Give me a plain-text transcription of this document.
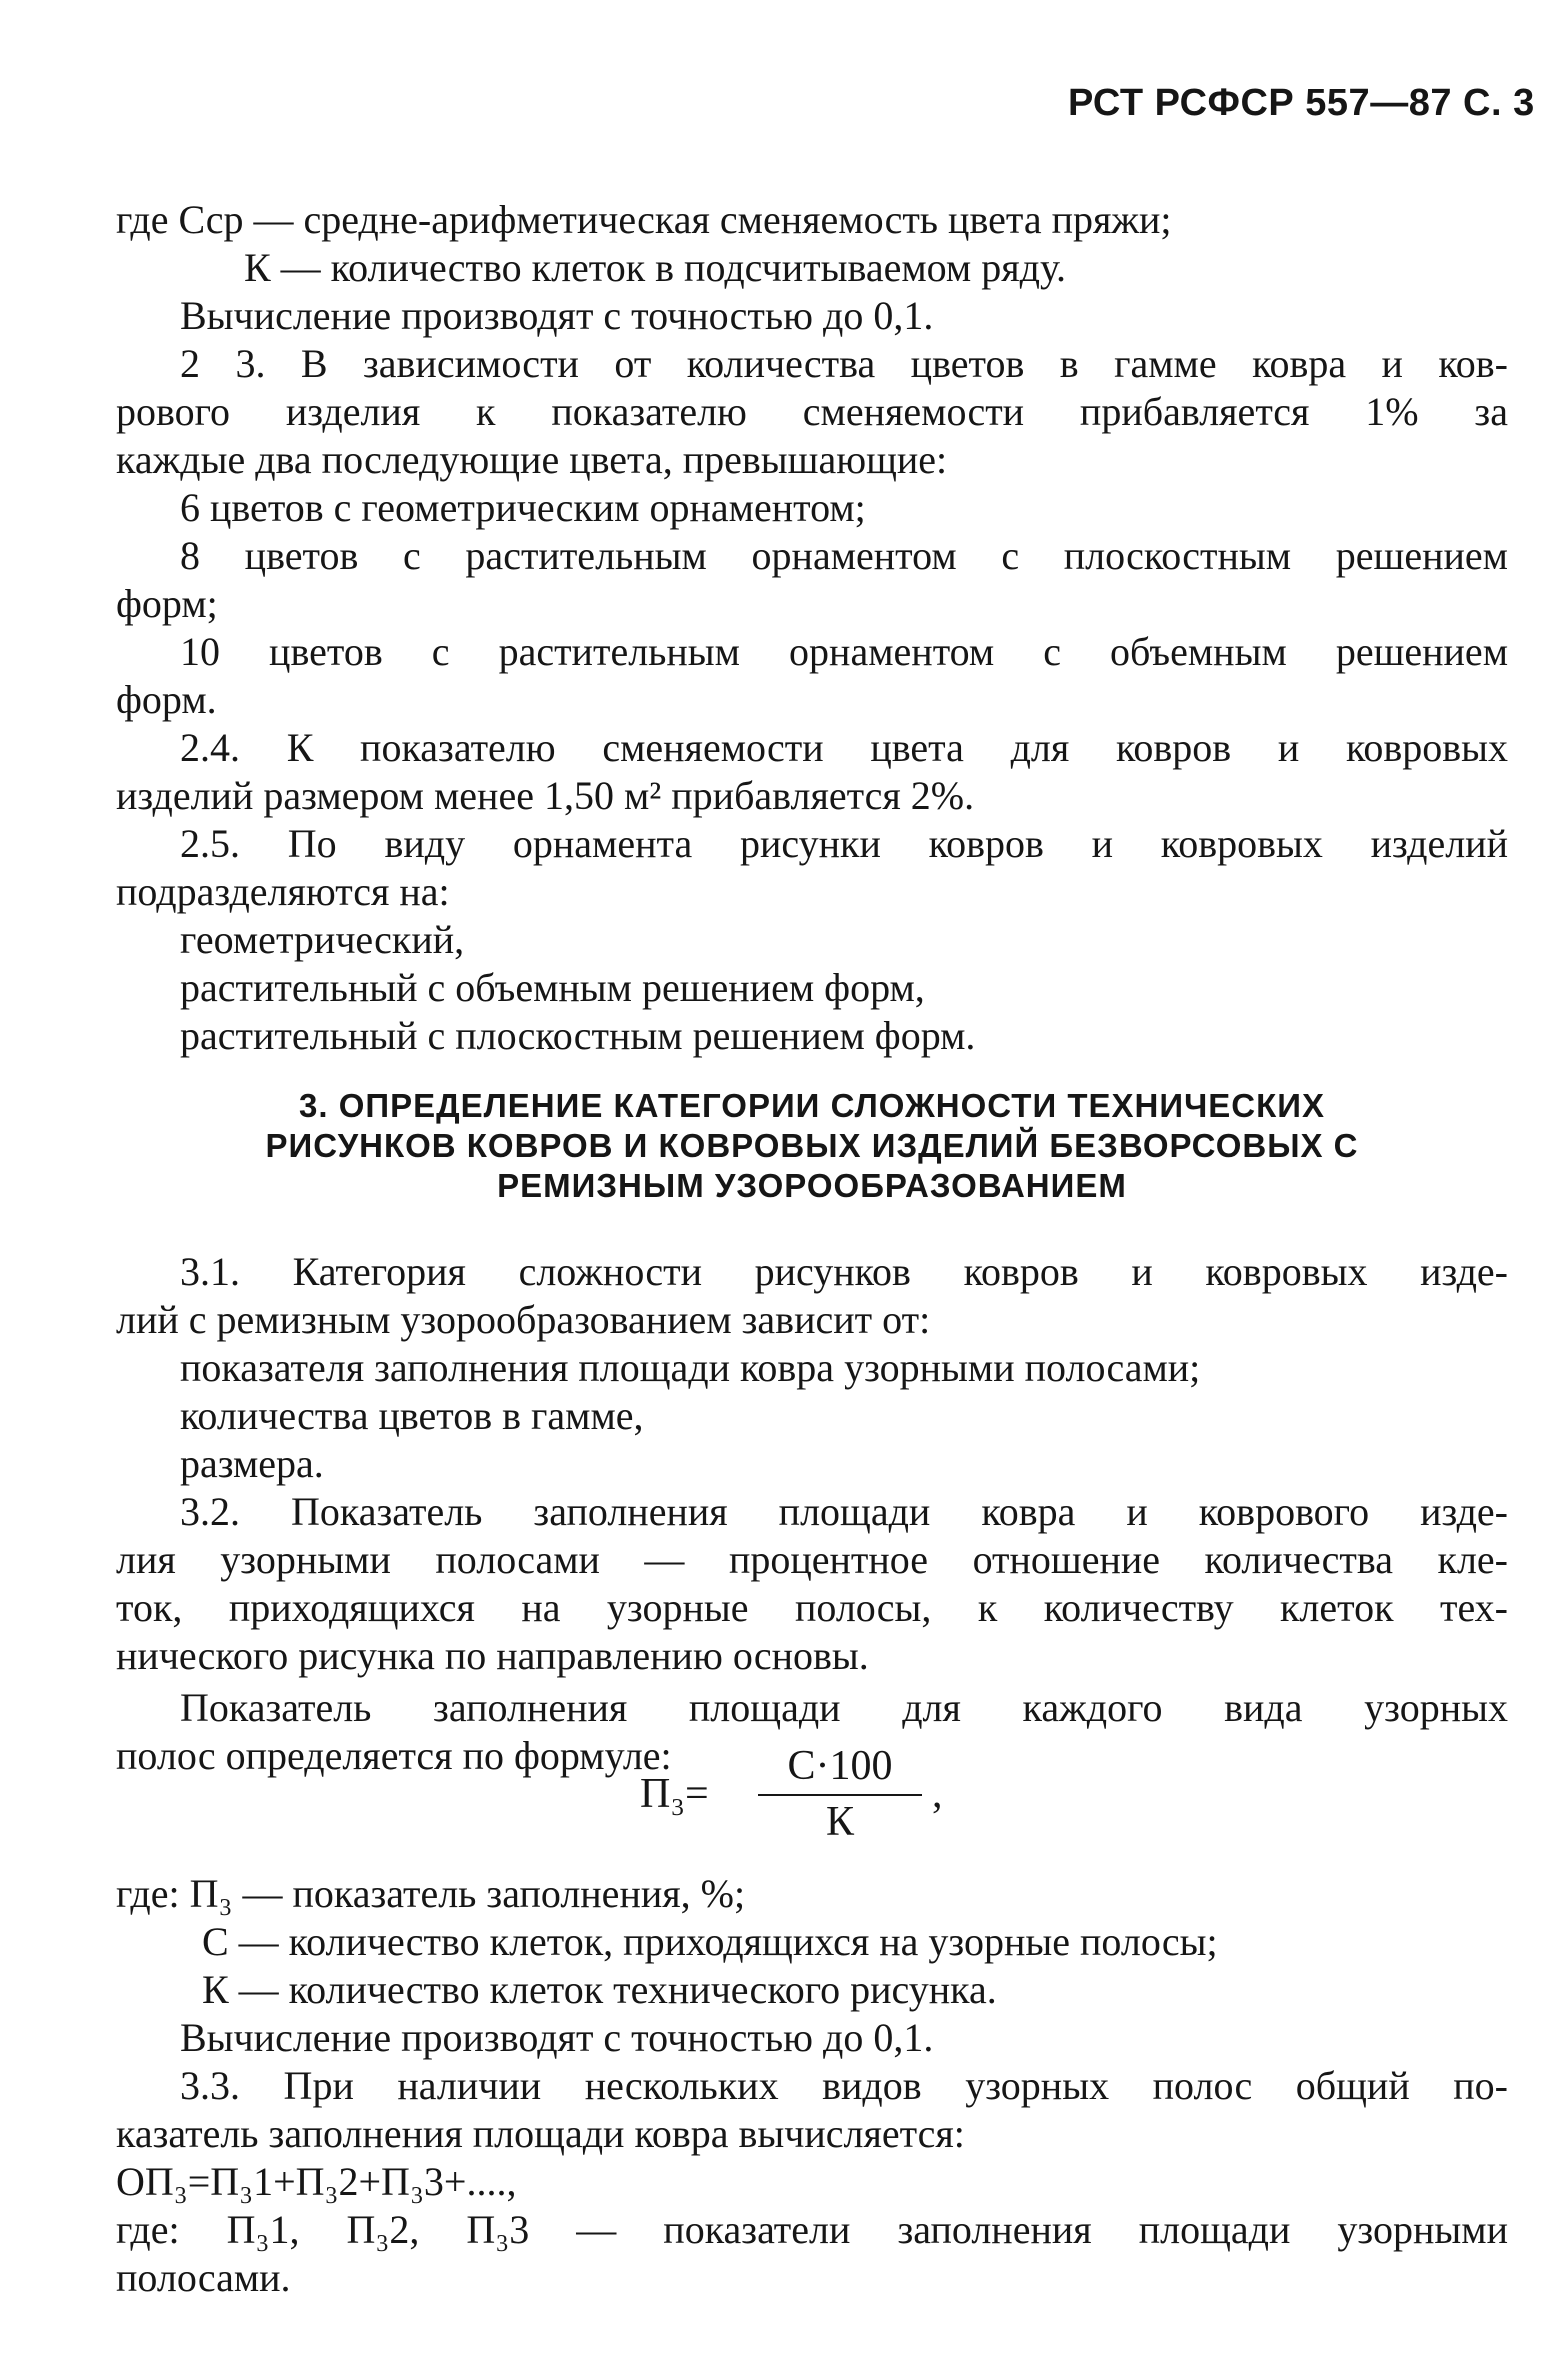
РСТ РСФСР 557—87 С. 3
где Сср — средне-арифметическая сменяемость цвета пряжи;
К — количество клеток в подсчитываемом ряду.
Вычисление производят с точностью до 0,1.
2 3. В зависимости от количества цветов в гамме ковра и ков-
рового изделия к показателю сменяемости прибавляется 1% за
каждые два последующие цвета, превышающие:
6 цветов с геометрическим орнаментом;
8 цветов с растительным орнаментом с плоскостным решением
форм;
10 цветов с растительным орнаментом с объемным решением
форм.
2.4. К показателю сменяемости цвета для ковров и ковровых
изделий размером менее 1,50 м² прибавляется 2%.
2.5. По виду орнамента рисунки ковров и ковровых изделий
подразделяются на:
геометрический,
растительный с объемным решением форм,
растительный с плоскостным решением форм.
3. ОПРЕДЕЛЕНИЕ КАТЕГОРИИ СЛОЖНОСТИ ТЕХНИЧЕСКИХ
РИСУНКОВ КОВРОВ И КОВРОВЫХ ИЗДЕЛИЙ БЕЗВОРСОВЫХ С
РЕМИЗНЫМ УЗОРООБРАЗОВАНИЕМ
3.1. Категория сложности рисунков ковров и ковровых изде-
лий с ремизным узорообразованием зависит от:
показателя заполнения площади ковра узорными полосами;
количества цветов в гамме,
размера.
3.2. Показатель заполнения площади ковра и коврового изде-
лия узорными полосами — процентное отношение количества кле-
ток, приходящихся на узорные полосы, к количеству клеток тех-
нического рисунка по направлению основы.
Показатель заполнения площади для каждого вида узорных
полос определяется по формуле:
П₃=
С·100
К
,
где: П₃ — показатель заполнения, %;
С — количество клеток, приходящихся на узорные полосы;
К — количество клеток технического рисунка.
Вычисление производят с точностью до 0,1.
3.3. При наличии нескольких видов узорных полос общий по-
казатель заполнения площади ковра вычисляется:
ОП₃=П₃1+П₃2+П₃3+....,
где: П₃1, П₃2, П₃3 — показатели заполнения площади узорными
полосами.
